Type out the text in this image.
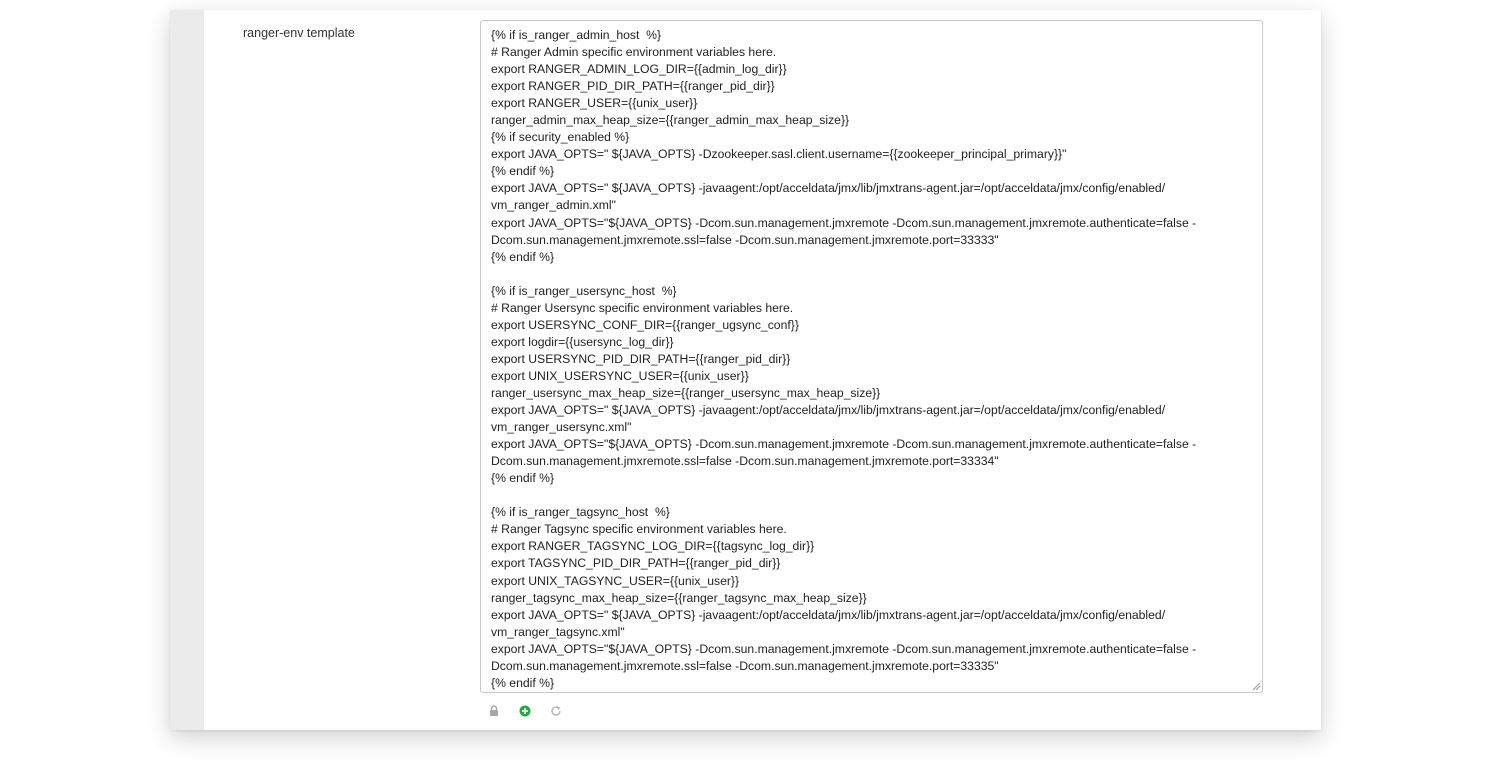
ranger-env template	{% if is_ranger_admin_host  %}
# Ranger Admin specific environment variables here.
export RANGER_ADMIN_LOG_DIR={{admin_log_dir}}
export RANGER_PID_DIR_PATH={{ranger_pid_dir}}
export RANGER_USER={{unix_user}}
ranger_admin_max_heap_size={{ranger_admin_max_heap_size}}
{% if security_enabled %}
export JAVA_OPTS=" ${JAVA_OPTS} -Dzookeeper.sasl.client.username={{zookeeper_principal_primary}}"
{% endif %}
export JAVA_OPTS=" ${JAVA_OPTS} -javaagent:/opt/acceldata/jmx/lib/jmxtrans-agent.jar=/opt/acceldata/jmx/config/enabled/
vm_ranger_admin.xml"
export JAVA_OPTS="${JAVA_OPTS} -Dcom.sun.management.jmxremote -Dcom.sun.management.jmxremote.authenticate=false -
Dcom.sun.management.jmxremote.ssl=false -Dcom.sun.management.jmxremote.port=33333"
{% endif %}

{% if is_ranger_usersync_host  %}
# Ranger Usersync specific environment variables here.
export USERSYNC_CONF_DIR={{ranger_ugsync_conf}}
export logdir={{usersync_log_dir}}
export USERSYNC_PID_DIR_PATH={{ranger_pid_dir}}
export UNIX_USERSYNC_USER={{unix_user}}
ranger_usersync_max_heap_size={{ranger_usersync_max_heap_size}}
export JAVA_OPTS=" ${JAVA_OPTS} -javaagent:/opt/acceldata/jmx/lib/jmxtrans-agent.jar=/opt/acceldata/jmx/config/enabled/
vm_ranger_usersync.xml"
export JAVA_OPTS="${JAVA_OPTS} -Dcom.sun.management.jmxremote -Dcom.sun.management.jmxremote.authenticate=false -
Dcom.sun.management.jmxremote.ssl=false -Dcom.sun.management.jmxremote.port=33334"
{% endif %}

{% if is_ranger_tagsync_host  %}
# Ranger Tagsync specific environment variables here.
export RANGER_TAGSYNC_LOG_DIR={{tagsync_log_dir}}
export TAGSYNC_PID_DIR_PATH={{ranger_pid_dir}}
export UNIX_TAGSYNC_USER={{unix_user}}
ranger_tagsync_max_heap_size={{ranger_tagsync_max_heap_size}}
export JAVA_OPTS=" ${JAVA_OPTS} -javaagent:/opt/acceldata/jmx/lib/jmxtrans-agent.jar=/opt/acceldata/jmx/config/enabled/
vm_ranger_tagsync.xml"
export JAVA_OPTS="${JAVA_OPTS} -Dcom.sun.management.jmxremote -Dcom.sun.management.jmxremote.authenticate=false -
Dcom.sun.management.jmxremote.ssl=false -Dcom.sun.management.jmxremote.port=33335"
{% endif %}
